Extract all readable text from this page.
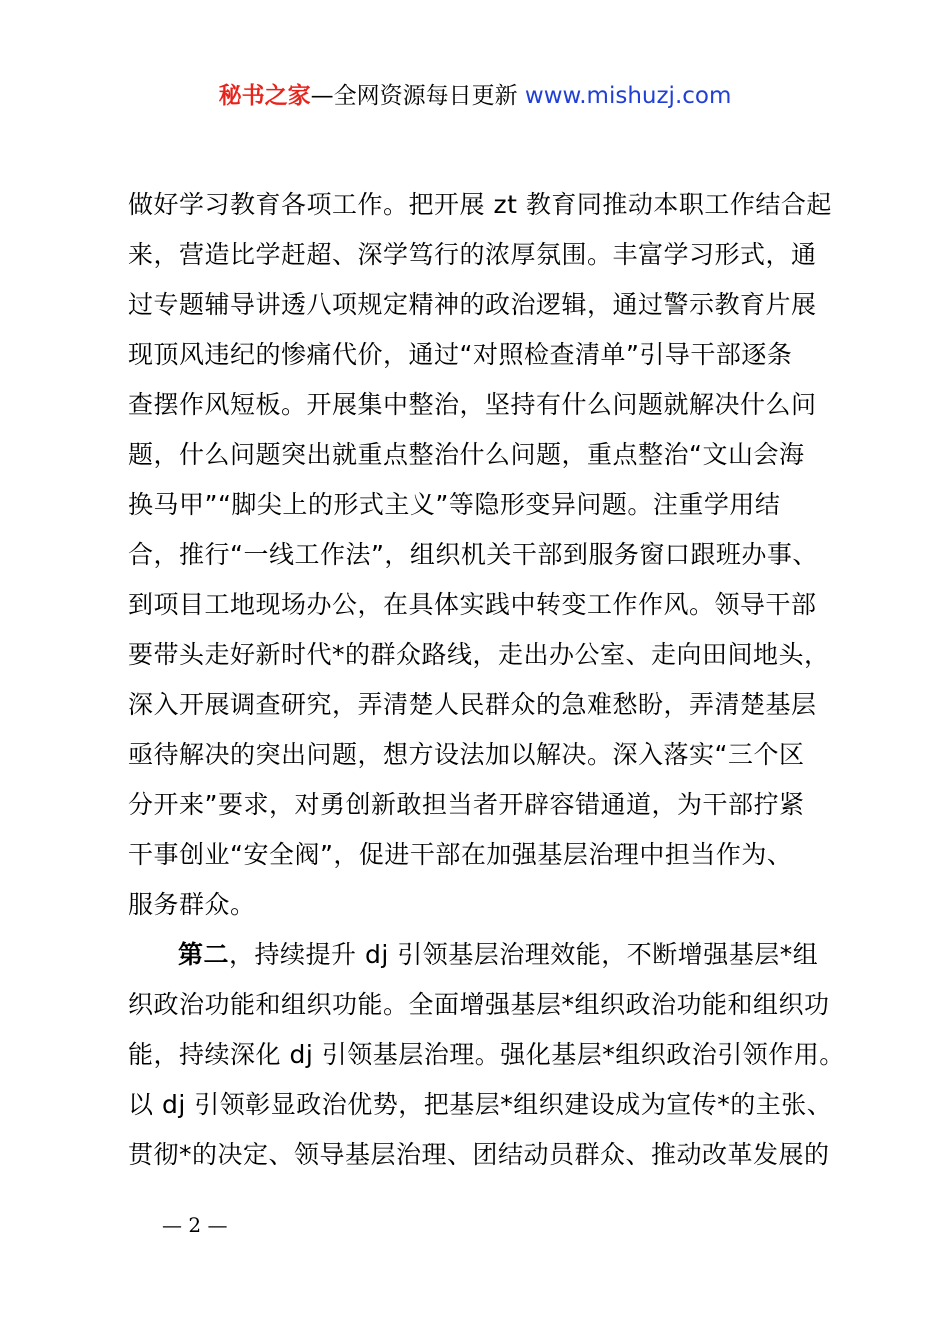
秘书之家—全网资源每日更新 www.mishuzj.com
做好学习教育各项工作。把开展 zt 教育同推动本职工作结合起
来，营造比学赶超、深学笃行的浓厚氛围。丰富学习形式，通
过专题辅导讲透八项规定精神的政治逻辑，通过警示教育片展
现顶风违纪的惨痛代价，通过“对照检查清单”引导干部逐条
查摆作风短板。开展集中整治，坚持有什么问题就解决什么问
题，什么问题突出就重点整治什么问题，重点整治“文山会海
换马甲”“脚尖上的形式主义”等隐形变异问题。注重学用结
合，推行“一线工作法”，组织机关干部到服务窗口跟班办事、
到项目工地现场办公，在具体实践中转变工作作风。领导干部
要带头走好新时代*的群众路线，走出办公室、走向田间地头，
深入开展调查研究，弄清楚人民群众的急难愁盼，弄清楚基层
亟待解决的突出问题，想方设法加以解决。深入落实“三个区
分开来”要求，对勇创新敢担当者开辟容错通道，为干部拧紧
干事创业“安全阀”，促进干部在加强基层治理中担当作为、
服务群众。
第二，持续提升 dj 引领基层治理效能，不断增强基层*组
织政治功能和组织功能。全面增强基层*组织政治功能和组织功
能，持续深化 dj 引领基层治理。强化基层*组织政治引领作用。
以 dj 引领彰显政治优势，把基层*组织建设成为宣传*的主张、
贯彻*的决定、领导基层治理、团结动员群众、推动改革发展的
— 2 —
